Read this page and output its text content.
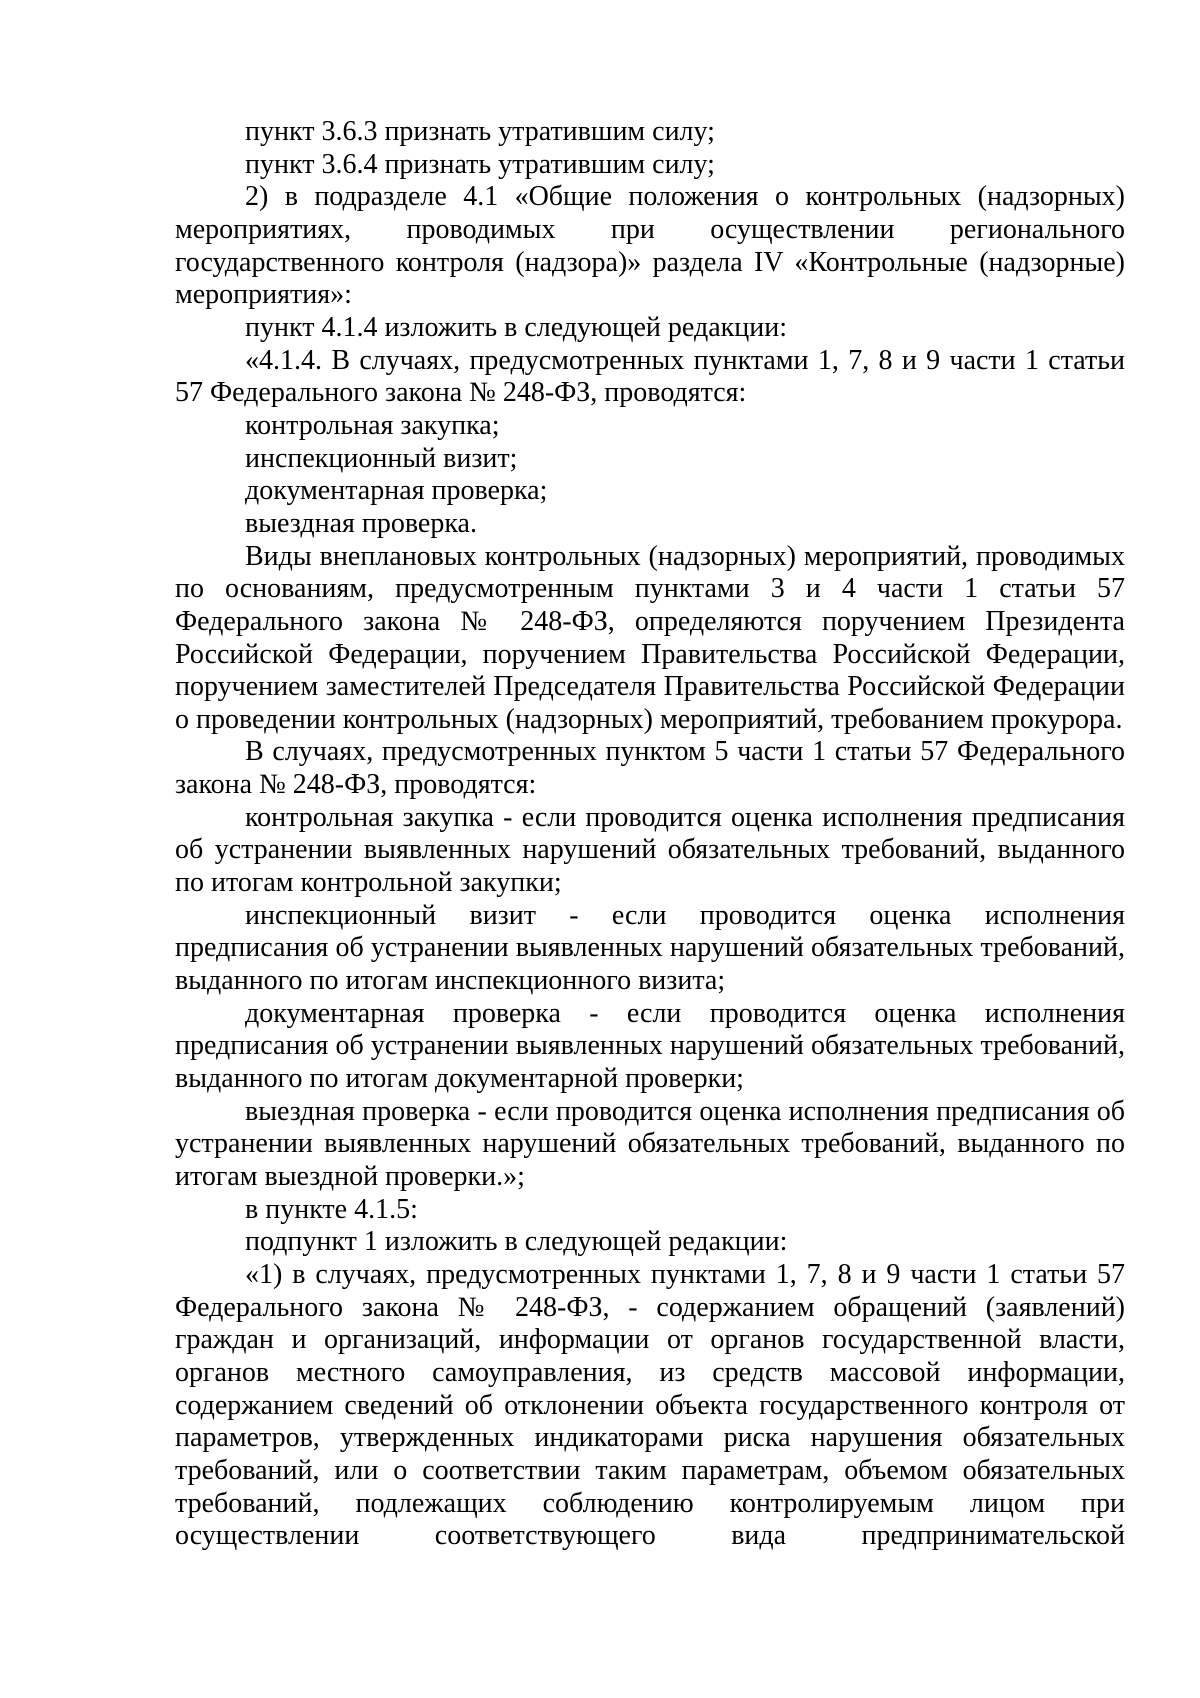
пункт 3.6.3 признать утратившим силу;

пункт 3.6.4 признать утратившим силу;

2) в подразделе 4.1 «Общие положения о контрольных (надзорных) мероприятиях, проводимых при осуществлении регионального государственного контроля (надзора)» раздела IV «Контрольные (надзорные) мероприятия»:

пункт 4.1.4 изложить в следующей редакции:

«4.1.4. В случаях, предусмотренных пунктами 1, 7, 8 и 9 части 1 статьи 57 Федерального закона № 248-ФЗ, проводятся:

контрольная закупка;

инспекционный визит;

документарная проверка;

выездная проверка.

Виды внеплановых контрольных (надзорных) мероприятий, проводимых по основаниям, предусмотренным пунктами 3 и 4 части 1 статьи 57 Федерального закона № 248-ФЗ, определяются поручением Президента Российской Федерации, поручением Правительства Российской Федерации, поручением заместителей Председателя Правительства Российской Федерации о проведении контрольных (надзорных) мероприятий, требованием прокурора.

В случаях, предусмотренных пунктом 5 части 1 статьи 57 Федерального закона № 248-ФЗ, проводятся:

контрольная закупка - если проводится оценка исполнения предписания об устранении выявленных нарушений обязательных требований, выданного по итогам контрольной закупки;

инспекционный визит - если проводится оценка исполнения предписания об устранении выявленных нарушений обязательных требований, выданного по итогам инспекционного визита;

документарная проверка - если проводится оценка исполнения предписания об устранении выявленных нарушений обязательных требований, выданного по итогам документарной проверки;

выездная проверка - если проводится оценка исполнения предписания об устранении выявленных нарушений обязательных требований, выданного по итогам выездной проверки.»;

в пункте 4.1.5:

подпункт 1 изложить в следующей редакции:

«1) в случаях, предусмотренных пунктами 1, 7, 8 и 9 части 1 статьи 57 Федерального закона № 248-ФЗ, - содержанием обращений (заявлений) граждан и организаций, информации от органов государственной власти, органов местного самоуправления, из средств массовой информации, содержанием сведений об отклонении объекта государственного контроля от параметров, утвержденных индикаторами риска нарушения обязательных требований, или о соответствии таким параметрам, объемом обязательных требований, подлежащих соблюдению контролируемым лицом при осуществлении соответствующего вида предпринимательской
